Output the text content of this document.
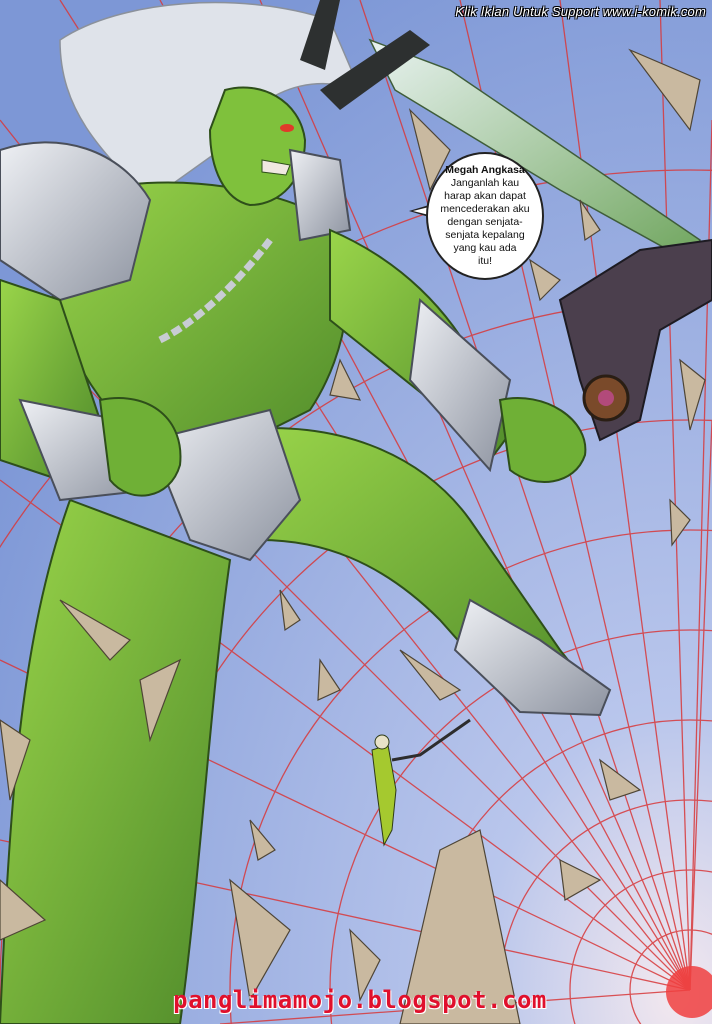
Klik Iklan Untuk Support www.i-komik.com
Megah Angkasa
Janganlah kau
harap akan dapat
mencederakan aku
dengan senjata-
senjata kepalang
yang kau ada
itu!
panglimamojo.blogspot.com
